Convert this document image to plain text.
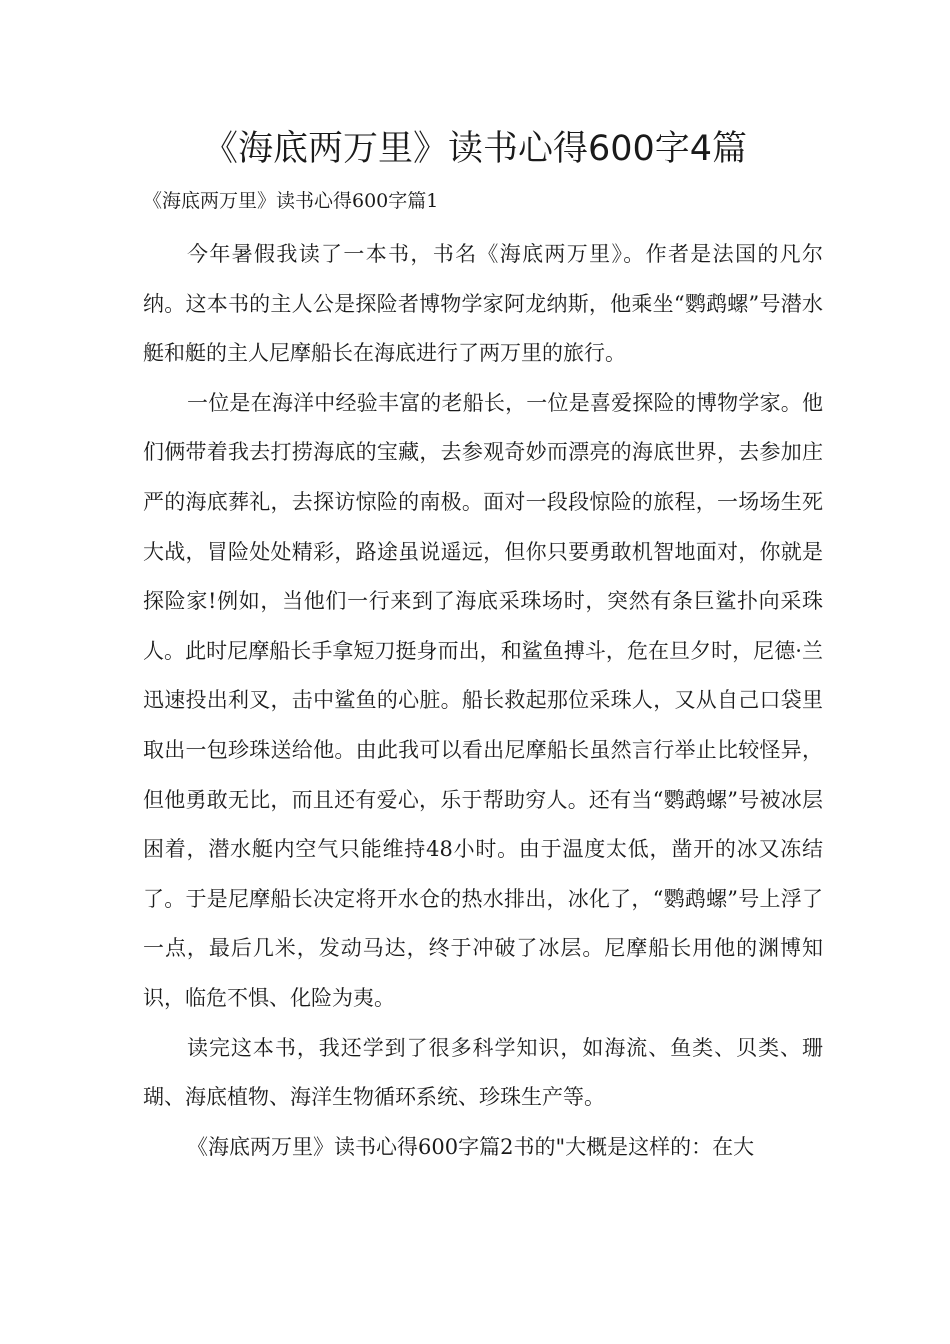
《海底两万里》读书心得600字4篇
《海底两万里》读书心得600字篇1

今年暑假我读了一本书，书名《海底两万里》。作者是法国的凡尔纳。这本书的主人公是探险者博物学家阿龙纳斯，他乘坐“鹦鹉螺”号潜水艇和艇的主人尼摩船长在海底进行了两万里的旅行。

一位是在海洋中经验丰富的老船长，一位是喜爱探险的博物学家。他们俩带着我去打捞海底的宝藏，去参观奇妙而漂亮的海底世界，去参加庄严的海底葬礼，去探访惊险的南极。面对一段段惊险的旅程，一场场生死大战，冒险处处精彩，路途虽说遥远，但你只要勇敢机智地面对，你就是探险家!例如，当他们一行来到了海底采珠场时，突然有条巨鲨扑向采珠人。此时尼摩船长手拿短刀挺身而出，和鲨鱼搏斗，危在旦夕时，尼德·兰迅速投出利叉，击中鲨鱼的心脏。船长救起那位采珠人，又从自己口袋里取出一包珍珠送给他。由此我可以看出尼摩船长虽然言行举止比较怪异，但他勇敢无比，而且还有爱心，乐于帮助穷人。还有当“鹦鹉螺”号被冰层困着，潜水艇内空气只能维持48小时。由于温度太低，凿开的冰又冻结了。于是尼摩船长决定将开水仓的热水排出，冰化了，“鹦鹉螺”号上浮了一点，最后几米，发动马达，终于冲破了冰层。尼摩船长用他的渊博知识，临危不惧、化险为夷。

读完这本书，我还学到了很多科学知识，如海流、鱼类、贝类、珊瑚、海底植物、海洋生物循环系统、珍珠生产等。

《海底两万里》读书心得600字篇2书的"大概是这样的：在大
